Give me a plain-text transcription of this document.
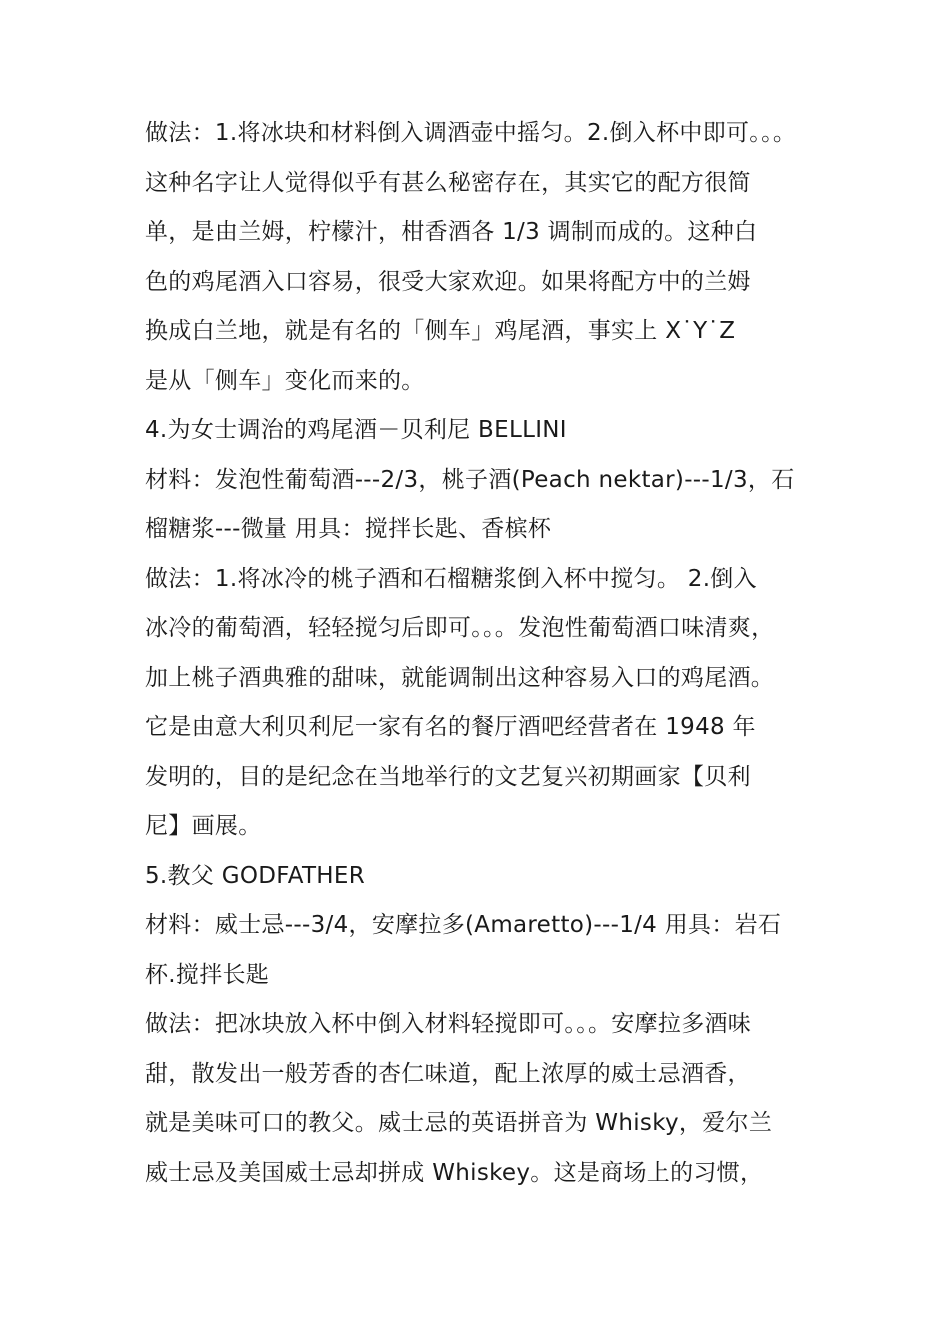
做法：1.将冰块和材料倒入调酒壶中摇匀。2.倒入杯中即可。。。
这种名字让人觉得似乎有甚么秘密存在，其实它的配方很简
单，是由兰姆，柠檬汁，柑香酒各 1/3 调制而成的。这种白
色的鸡尾酒入口容易，很受大家欢迎。如果将配方中的兰姆
换成白兰地，就是有名的「侧车」鸡尾酒，事实上 X˙Y˙Z
是从「侧车」变化而来的。
4.为女士调治的鸡尾酒－贝利尼 BELLINI
材料：发泡性葡萄酒---2/3，桃子酒(Peach nektar)---1/3，石
榴糖浆---微量 用具：搅拌长匙、香槟杯
做法：1.将冰冷的桃子酒和石榴糖浆倒入杯中搅匀。 2.倒入
冰冷的葡萄酒，轻轻搅匀后即可。。。发泡性葡萄酒口味清爽，
加上桃子酒典雅的甜味，就能调制出这种容易入口的鸡尾酒。
它是由意大利贝利尼一家有名的餐厅酒吧经营者在 1948 年
发明的，目的是纪念在当地举行的文艺复兴初期画家【贝利
尼】画展。
5.教父 GODFATHER
材料：威士忌---3/4，安摩拉多(Amaretto)---1/4 用具：岩石
杯.搅拌长匙
做法：把冰块放入杯中倒入材料轻搅即可。。。安摩拉多酒味
甜，散发出一般芳香的杏仁味道，配上浓厚的威士忌酒香，
就是美味可口的教父。威士忌的英语拼音为 Whisky，爱尔兰
威士忌及美国威士忌却拼成 Whiskey。这是商场上的习惯，
